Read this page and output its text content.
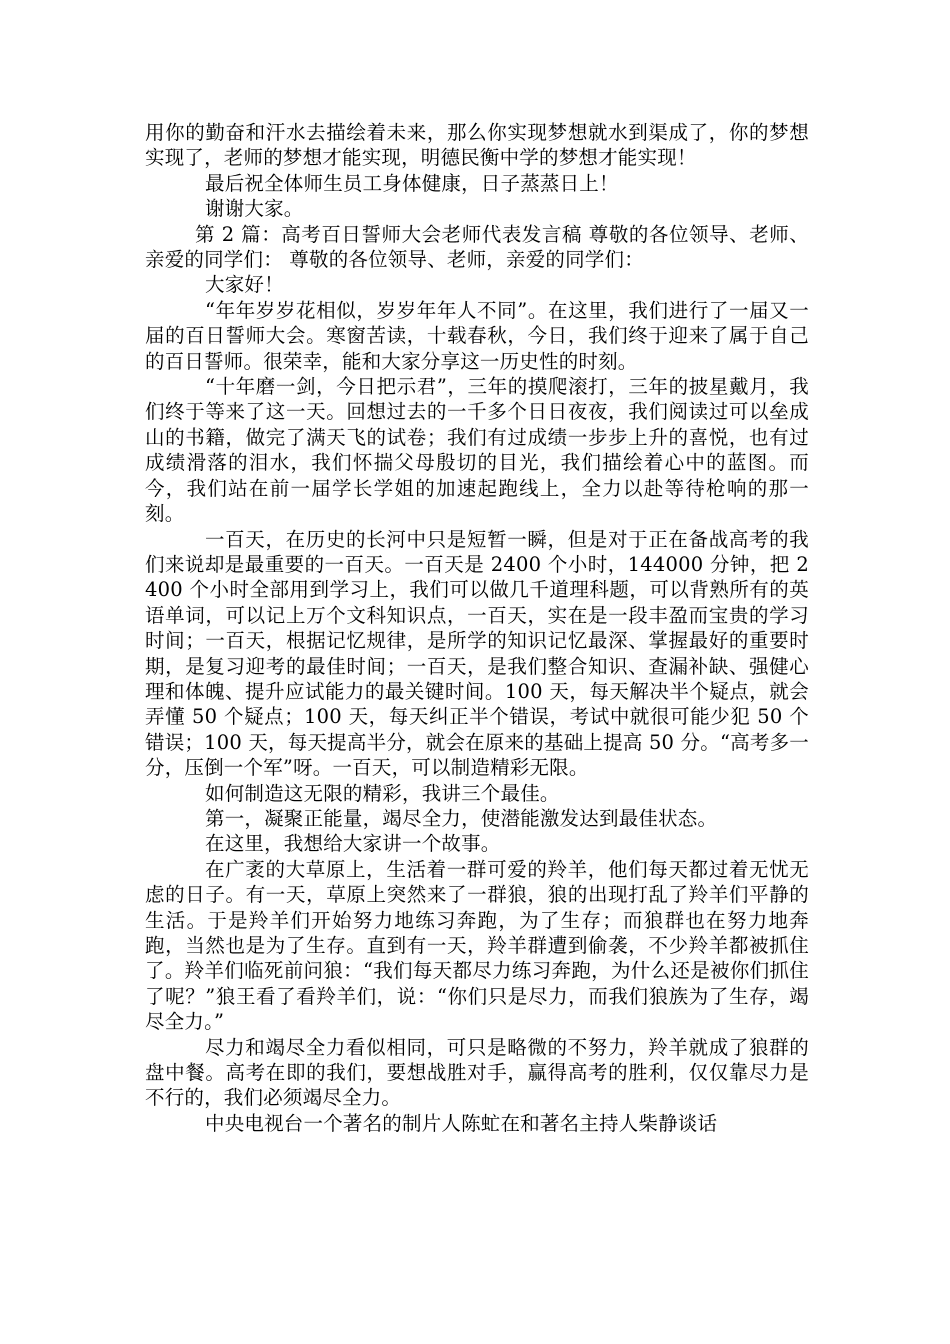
用你的勤奋和汗水去描绘着未来，那么你实现梦想就水到渠成了，你的梦想实现了，老师的梦想才能实现，明德民衡中学的梦想才能实现！

最后祝全体师生员工身体健康，日子蒸蒸日上！

谢谢大家。

第 2 篇：高考百日誓师大会老师代表发言稿 尊敬的各位领导、老师、亲爱的同学们： 尊敬的各位领导、老师，亲爱的同学们：

大家好！

“年年岁岁花相似，岁岁年年人不同”。在这里，我们进行了一届又一届的百日誓师大会。寒窗苦读，十载春秋，今日，我们终于迎来了属于自己的百日誓师。很荣幸，能和大家分享这一历史性的时刻。

“十年磨一剑，今日把示君”，三年的摸爬滚打，三年的披星戴月，我们终于等来了这一天。回想过去的一千多个日日夜夜，我们阅读过可以垒成山的书籍，做完了满天飞的试卷；我们有过成绩一步步上升的喜悦，也有过成绩滑落的泪水，我们怀揣父母殷切的目光，我们描绘着心中的蓝图。而今，我们站在前一届学长学姐的加速起跑线上，全力以赴等待枪响的那一刻。

一百天，在历史的长河中只是短暂一瞬，但是对于正在备战高考的我们来说却是最重要的一百天。一百天是 2400 个小时，144000 分钟，把 2400 个小时全部用到学习上，我们可以做几千道理科题，可以背熟所有的英语单词，可以记上万个文科知识点，一百天，实在是一段丰盈而宝贵的学习时间；一百天，根据记忆规律，是所学的知识记忆最深、掌握最好的重要时期，是复习迎考的最佳时间；一百天，是我们整合知识、查漏补缺、强健心理和体魄、提升应试能力的最关键时间。100 天，每天解决半个疑点，就会弄懂 50 个疑点；100 天，每天纠正半个错误，考试中就很可能少犯 50 个错误；100 天，每天提高半分，就会在原来的基础上提高 50 分。“高考多一分，压倒一个军”呀。一百天，可以制造精彩无限。

如何制造这无限的精彩，我讲三个最佳。

第一，凝聚正能量，竭尽全力，使潜能激发达到最佳状态。

在这里，我想给大家讲一个故事。

在广袤的大草原上，生活着一群可爱的羚羊，他们每天都过着无忧无虑的日子。有一天，草原上突然来了一群狼，狼的出现打乱了羚羊们平静的生活。于是羚羊们开始努力地练习奔跑，为了生存；而狼群也在努力地奔跑，当然也是为了生存。直到有一天，羚羊群遭到偷袭，不少羚羊都被抓住了。羚羊们临死前问狼：“我们每天都尽力练习奔跑，为什么还是被你们抓住了呢？”狼王看了看羚羊们，说：“你们只是尽力，而我们狼族为了生存，竭尽全力。”

尽力和竭尽全力看似相同，可只是略微的不努力，羚羊就成了狼群的盘中餐。高考在即的我们，要想战胜对手，赢得高考的胜利，仅仅靠尽力是不行的，我们必须竭尽全力。

中央电视台一个著名的制片人陈虻在和著名主持人柴静谈话
